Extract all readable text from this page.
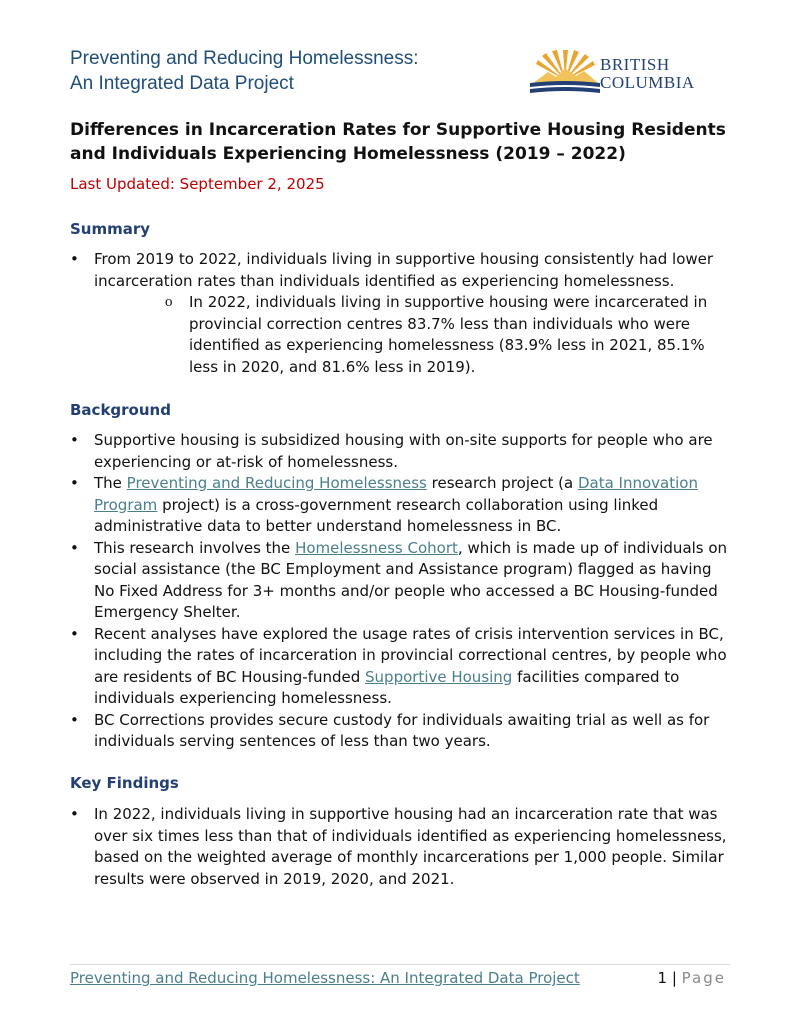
Preventing and Reducing Homelessness:
An Integrated Data Project
BRITISH
COLUMBIA
Differences in Incarceration Rates for Supportive Housing Residents
and Individuals Experiencing Homelessness (2019 – 2022)
Last Updated: September 2, 2025
Summary
• From 2019 to 2022, individuals living in supportive housing consistently had lower incarceration rates than individuals identified as experiencing homelessness.
o In 2022, individuals living in supportive housing were incarcerated in provincial correction centres 83.7% less than individuals who were identified as experiencing homelessness (83.9% less in 2021, 85.1% less in 2020, and 81.6% less in 2019).
Background
• Supportive housing is subsidized housing with on-site supports for people who are experiencing or at-risk of homelessness.
• The Preventing and Reducing Homelessness research project (a Data Innovation Program project) is a cross-government research collaboration using linked administrative data to better understand homelessness in BC.
• This research involves the Homelessness Cohort, which is made up of individuals on social assistance (the BC Employment and Assistance program) flagged as having No Fixed Address for 3+ months and/or people who accessed a BC Housing-funded Emergency Shelter.
• Recent analyses have explored the usage rates of crisis intervention services in BC, including the rates of incarceration in provincial correctional centres, by people who are residents of BC Housing-funded Supportive Housing facilities compared to individuals experiencing homelessness.
• BC Corrections provides secure custody for individuals awaiting trial as well as for individuals serving sentences of less than two years.
Key Findings
• In 2022, individuals living in supportive housing had an incarceration rate that was over six times less than that of individuals identified as experiencing homelessness, based on the weighted average of monthly incarcerations per 1,000 people. Similar results were observed in 2019, 2020, and 2021.
Preventing and Reducing Homelessness: An Integrated Data Project	1 | Page
